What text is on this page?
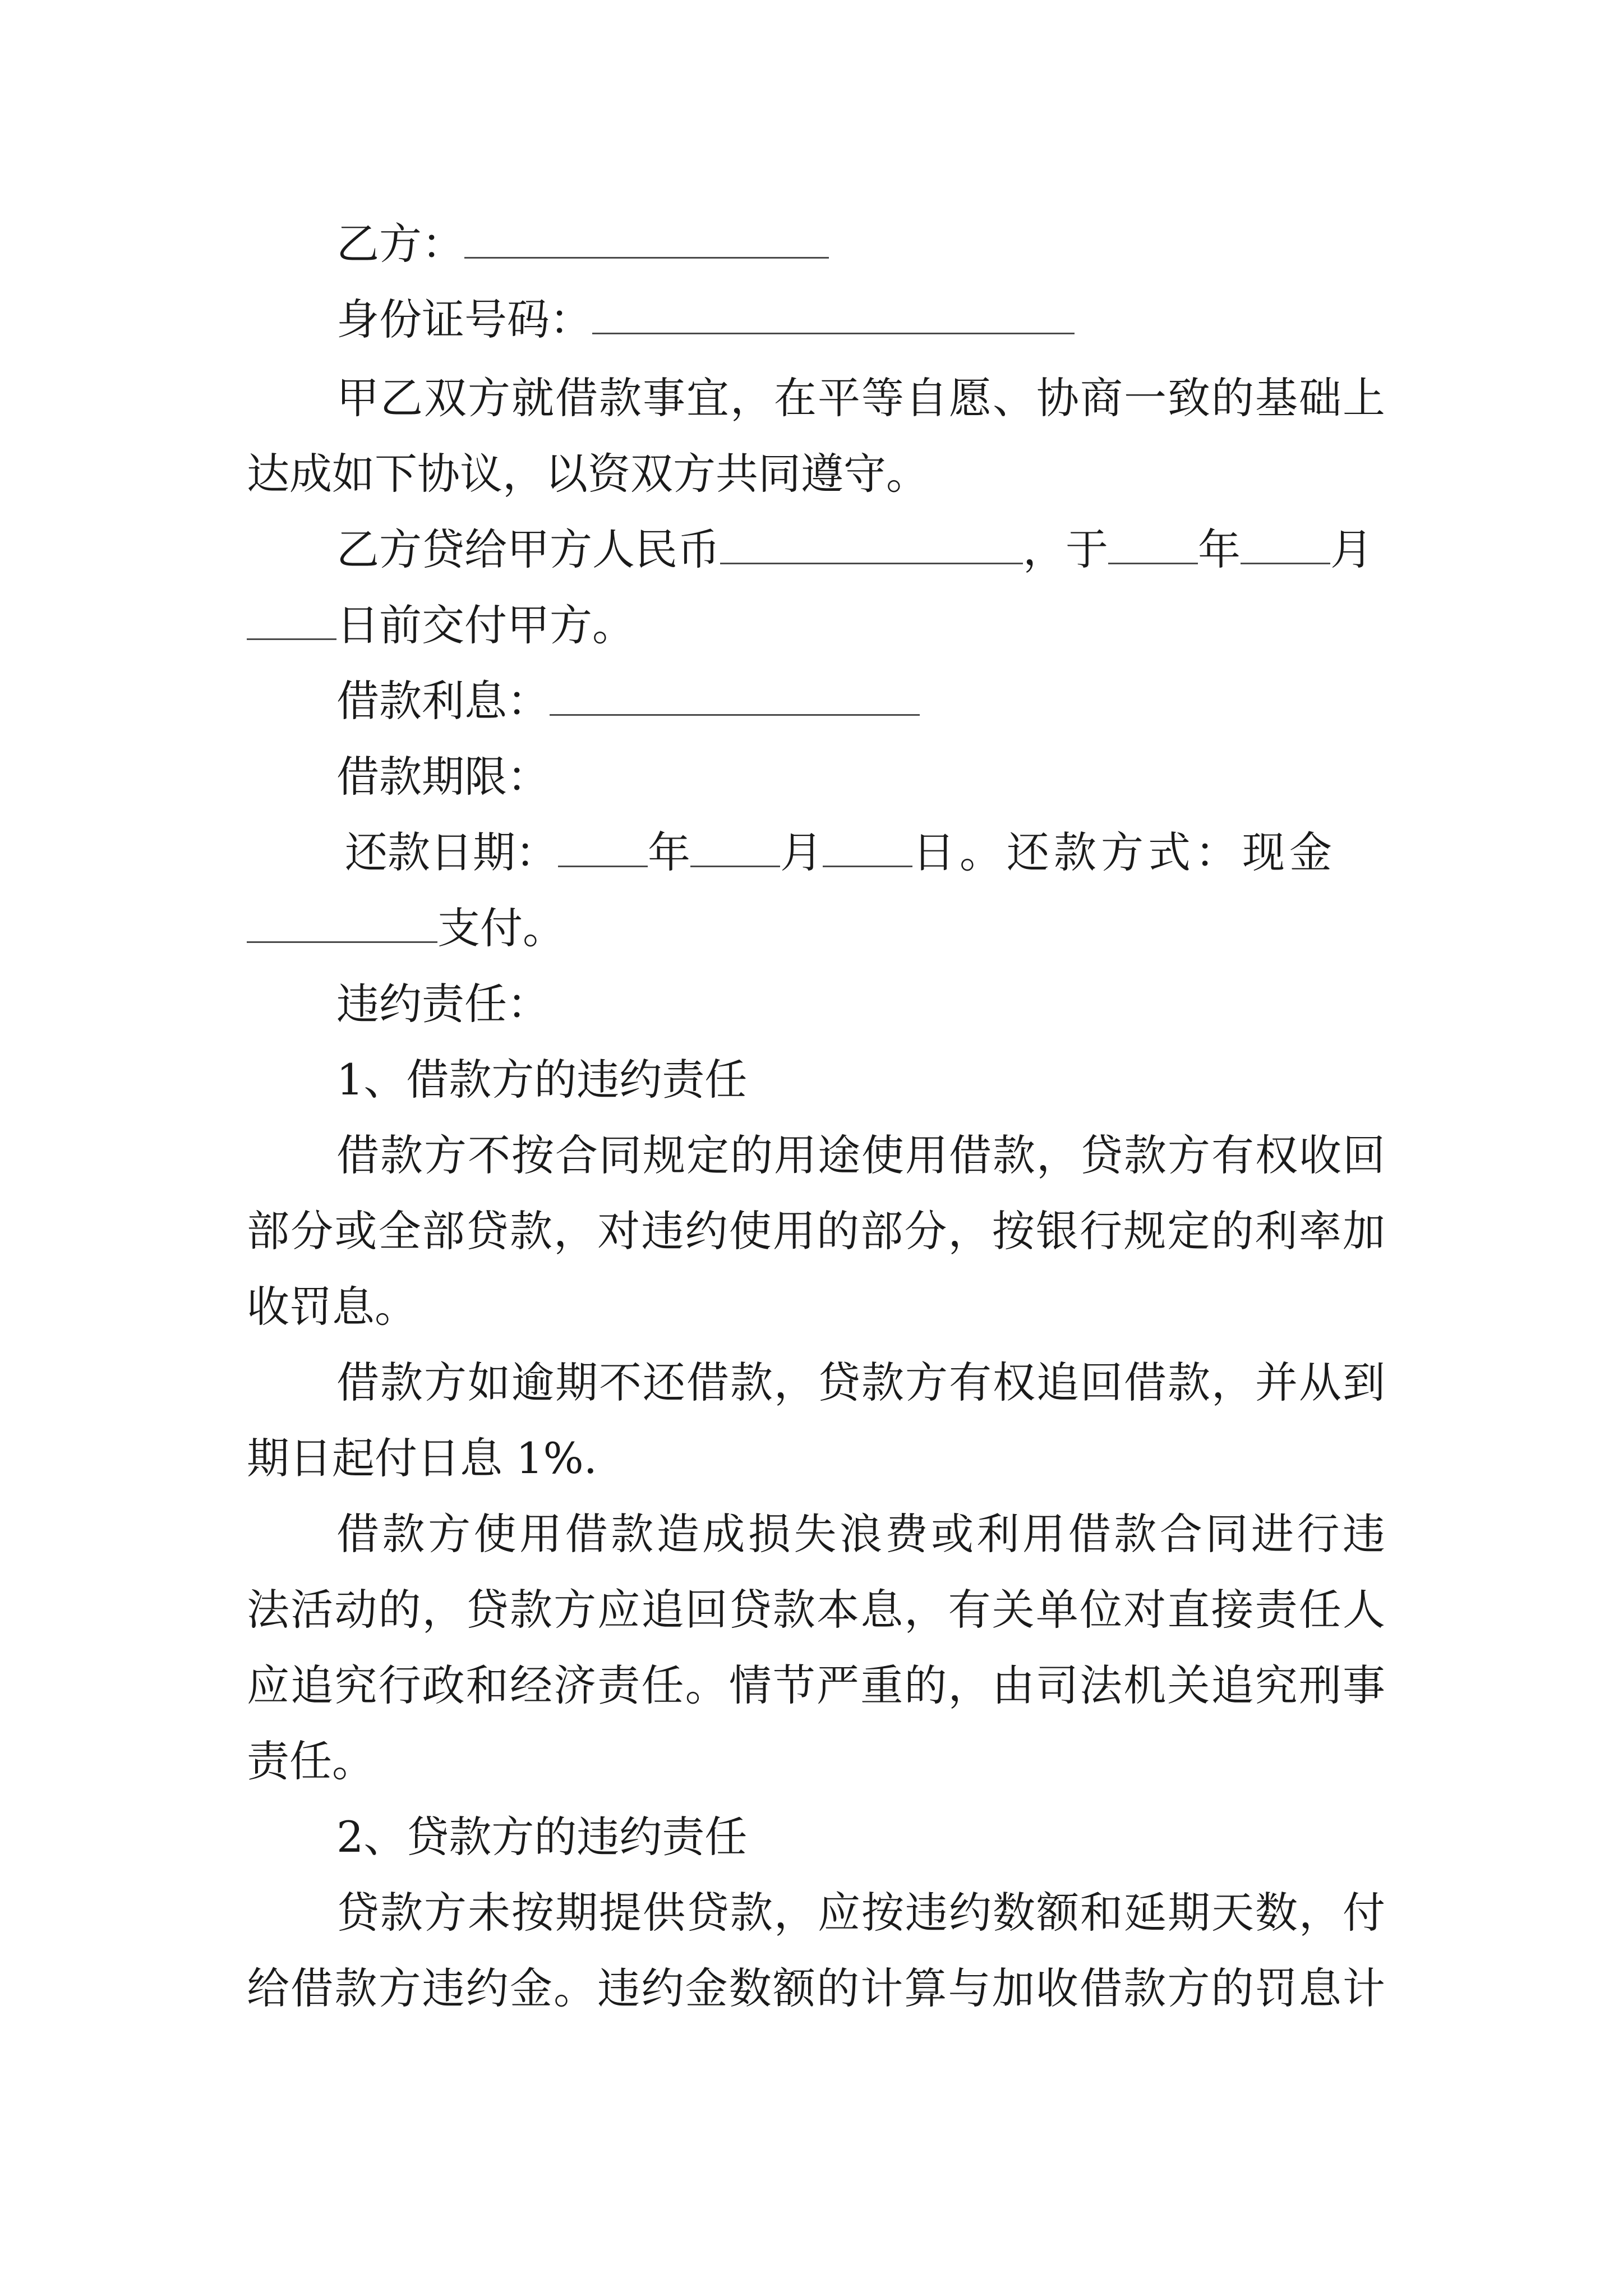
乙方：
身份证号码：
甲乙双方就借款事宜，在平等自愿、协商一致的基础上
达成如下协议，以资双方共同遵守。
乙方贷给甲方人民币	，于 年 月
日前交付甲方。
借款利息：
借款期限：
还款日期： 年 月 日。还款方式：现金
支付。
违约责任：
1、借款方的违约责任
借款方不按合同规定的用途使用借款，贷款方有权收回
部分或全部贷款，对违约使用的部分，按银行规定的利率加
收罚息。
借款方如逾期不还借款，贷款方有权追回借款，并从到
期日起付日息 1%.
借款方使用借款造成损失浪费或利用借款合同进行违
法活动的，贷款方应追回贷款本息，有关单位对直接责任人
应追究行政和经济责任。情节严重的，由司法机关追究刑事
责任。
2、贷款方的违约责任
贷款方未按期提供贷款，应按违约数额和延期天数，付
给借款方违约金。违约金数额的计算与加收借款方的罚息计
